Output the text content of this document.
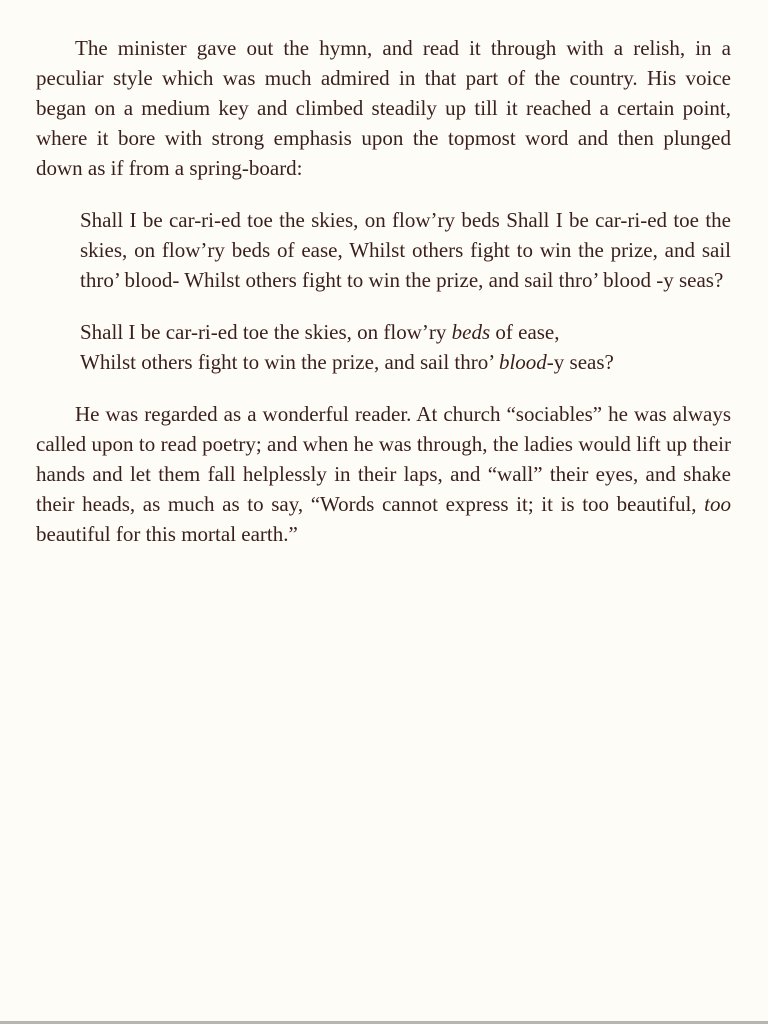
The minister gave out the hymn, and read it through with a relish, in a peculiar style which was much admired in that part of the country. His voice began on a medium key and climbed steadily up till it reached a certain point, where it bore with strong emphasis upon the topmost word and then plunged down as if from a spring-board:

Shall I be car-ri-ed toe the skies, on flow’ry beds Shall I be car-ri-ed toe the skies, on flow’ry beds of ease, Whilst others fight to win the prize, and sail thro’ blood- Whilst others fight to win the prize, and sail thro’ blood -y seas?

Shall I be car-ri-ed toe the skies, on flow’ry beds of ease,
Whilst others fight to win the prize, and sail thro’ blood-y seas?

He was regarded as a wonderful reader. At church “sociables” he was always called upon to read poetry; and when he was through, the ladies would lift up their hands and let them fall helplessly in their laps, and “wall” their eyes, and shake their heads, as much as to say, “Words cannot express it; it is too beautiful, too beautiful for this mortal earth.”
